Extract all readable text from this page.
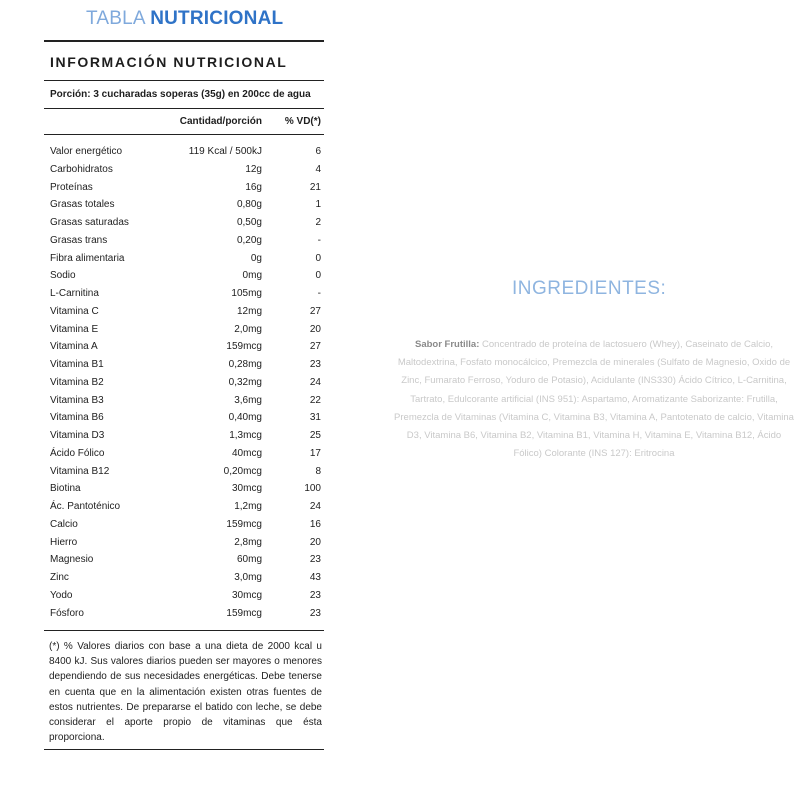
TABLA NUTRICIONAL
INFORMACIÓN NUTRICIONAL
Porción: 3 cucharadas soperas (35g) en 200cc de agua
Cantidad/porción % VD(*)
Valor energético	119 Kcal / 500kJ	6
Carbohidratos	12g	4
Proteínas	16g	21
Grasas totales	0,80g	1
Grasas saturadas	0,50g	2
Grasas trans	0,20g	-
Fibra alimentaria	0g	0
Sodio	0mg	0
L-Carnitina	105mg	-
Vitamina C	12mg	27
Vitamina E	2,0mg	20
Vitamina A	159mcg	27
Vitamina B1	0,28mg	23
Vitamina B2	0,32mg	24
Vitamina B3	3,6mg	22
Vitamina B6	0,40mg	31
Vitamina D3	1,3mcg	25
Ácido Fólico	40mcg	17
Vitamina B12	0,20mcg	8
Biotina	30mcg	100
Ác. Pantoténico	1,2mg	24
Calcio	159mcg	16
Hierro	2,8mg	20
Magnesio	60mg	23
Zinc	3,0mg	43
Yodo	30mcg	23
Fósforo	159mcg	23
(*) % Valores diarios con base a una dieta de 2000 kcal u 8400 kJ. Sus valores diarios pueden ser mayores o menores dependiendo de sus necesidades energéticas. Debe tenerse en cuenta que en la alimentación existen otras fuentes de estos nutrientes. De prepararse el batido con leche, se debe considerar el aporte propio de vitaminas que ésta proporciona.
INGREDIENTES:
Sabor Frutilla: Concentrado de proteína de lactosuero (Whey), Caseinato de Calcio, Maltodextrina, Fosfato monocálcico, Premezcla de minerales (Sulfato de Magnesio, Oxido de Zinc, Fumarato Ferroso, Yoduro de Potasio), Acidulante (INS330) Ácido Cítrico, L-Carnitina, Tartrato, Edulcorante artificial (INS 951): Aspartamo, Aromatizante Saborizante: Frutilla, Premezcla de Vitaminas (Vitamina C, Vitamina B3, Vitamina A, Pantotenato de calcio, Vitamina D3, Vitamina B6, Vitamina B2, Vitamina B1, Vitamina H, Vitamina E, Vitamina B12, Ácido Fólico) Colorante (INS 127): Eritrocina
